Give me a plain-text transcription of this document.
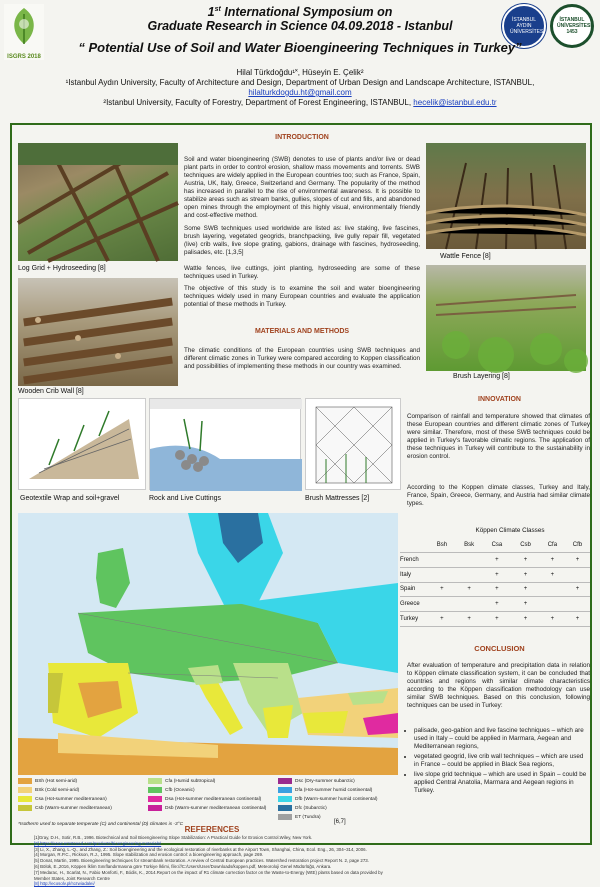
ISGRS 2018
İSTANBUL AYDIN ÜNİVERSİTESİ
İSTANBUL ÜNİVERSİTESİ 1453
1st International Symposium on
Graduate Research in Science 04.09.2018 - Istanbul
“ Potential Use of Soil and Water Bioengineering Techniques in Turkey”
Hilal Türkdoğdu¹˟, Hüseyin E. Çelik²
¹Istanbul Aydın University, Faculty of Architecture and Design, Department of Urban Design and Landscape Architecture, ISTANBUL,
hilalturkdogdu.ht@gmail.com
²Istanbul University, Faculty of Forestry, Department of Forest Engineering, ISTANBUL, hecelik@istanbul.edu.tr
Log Grid + Hydroseeding [8]
Wooden Crib Wall [8]
Wattle Fence [8]
Brush Layering [8]
INTRODUCTION
Soil and water bioengineering (SWB) denotes to use of plants and/or live or dead plant parts in order to control erosion, shallow mass movements and torrents. SWB techniques are widely applied in the European countries too; such as France, Spain, Austria, UK, Italy, Greece, Switzerland and Germany. The popularity of the method has increased in parallel to the rise of environmental awareness. It is possible to stabilize areas such as stream banks, gullies, slopes of cut and fills, and abandoned open mines through the employment of this highly visual, environmentally friendly and cost-effective method.
Some SWB techniques used worldwide are listed as: live staking, live fascines, brush layering, vegetated geogrids, branchpacking, live gully repair fill, vegetated (live) crib walls, live slope grating, gabions, drainage with fascines, hydroseeding, palisades, etc. [1,3,5]
Wattle fences, live cuttings, joint planting, hydroseeding are some of these techniques used in Turkey.
The objective of this study is to examine the soil and water bioengineering techniques widely used in many European countries and evaluate the application potential of these methods in Turkey.
MATERIALS AND METHODS
The climatic conditions of the European countries using SWB techniques and different climatic zones in Turkey were compared according to Koppen classification and possibilities of implementing these methods in our country was examined.
Geotextile Wrap and soil+gravel	Rock and Live Cuttings	Brush Mattresses [2]
INNOVATION
Comparison of rainfall and temperature showed that climates of these European countries and different climatic zones of Turkey were similar. Therefore, most of these SWB techniques could be applied in Turkey's favorable climatic regions. The application of these techniques in Turkey will contribute to the sustainability in erosion control.
According to the Koppen climate classes, Turkey and Italy, France, Spain, Greece, Germany, and Austria had similar climate types.
Köppen Climate Classes
	Bsh	Bsk	Csa	Csb	Cfa	Cfb
French			+	+	+	+
Italy			+	+	+	
Spain	+	+	+	+		+
Greece			+	+		
Turkey	+	+	+	+	+	+
BSh (Hot semi-arid)
BSk (Cold semi-arid)
Csa (Hot-summer mediterranean)
Csb (Warm-summer mediterranean)
Cfa (Humid subtropical)
Cfb (Oceanic)
Dsa (Hot-summer mediterranean continental)
Dsb (Warm-summer mediterranean continental)
Dsc (Dry-summer subarctic)
Dfa (Hot-summer humid continental)
Dfb (Warm-summer humid continental)
Dfc (Subarctic)
ET (Tundra)
*Isotherm used to separate temperate (C) and continental (D) climates is -3°C	[6,7]
CONCLUSION
After evaluation of temperature and precipitation data in relation to Köppen climate classification system, it can be concluded that countries and regions with similar climate characteristics according to the Köppen classification methodology can use similar SWB techniques. Based on this conclusion, following techniques can be used in Turkey:
• palisade, geo-gabion and live fascine techniques – which are used in Italy – could be applied in Marmara, Aegean and Mediterranean regions,
• vegetated geogrid, live crib wall techniques – which are used in France – could be applied in Black Sea regions,
• live slope grid technique – which are used in Spain – could be applied Central Anatolia, Marmara and Aegean regions in Turkey.
REFERENCES
[1]Gray, D.H., Sotir, R.B., 1996. Biotechnical and Soil Bioengineering Slope Stabilization: A Practical Guide for Erosion Control.Wiley, New York.
[2] https://www.ernstseed.com/products/bioengineering-materials/
[3] Li, X., Zhang, L.-Q., and Zhang, Z.: Soil bioengineering and the ecological restoration of riverbanks at the Airport Town, Shanghai, China, Ecol. Eng., 26, 304–314, 2006.
[4] Morgan, R.P.C., Rickson, R.J., 1995. Slope stabilization and erosion control: a bioengineering approach, page 269.
[5] Donat, Martin, 1995. Bioengineering techniques for streambank restoration. A review of Central European practices. Watershed restoration project Report N. 2, page 273.
[6] Bölük, E.,2016, Köppen İklim Sınıflandırmasına göre Türkiye İklimi, file:///C:/Users/User/Downloads/koppen.pdf, Meteoroloji Genel Müdürlüğü, Ankara.
[7] Medarac, H., Scarlat, N., Fabio Monforti, F., Bódis, K., 2014.Report on the impact of R1 climate correction factor on the Waste-to-Energy (WtE) plants based on data provided by Member States, Joint Research Centre
[8] http://ecosolv.pl/rozwiadalei/
